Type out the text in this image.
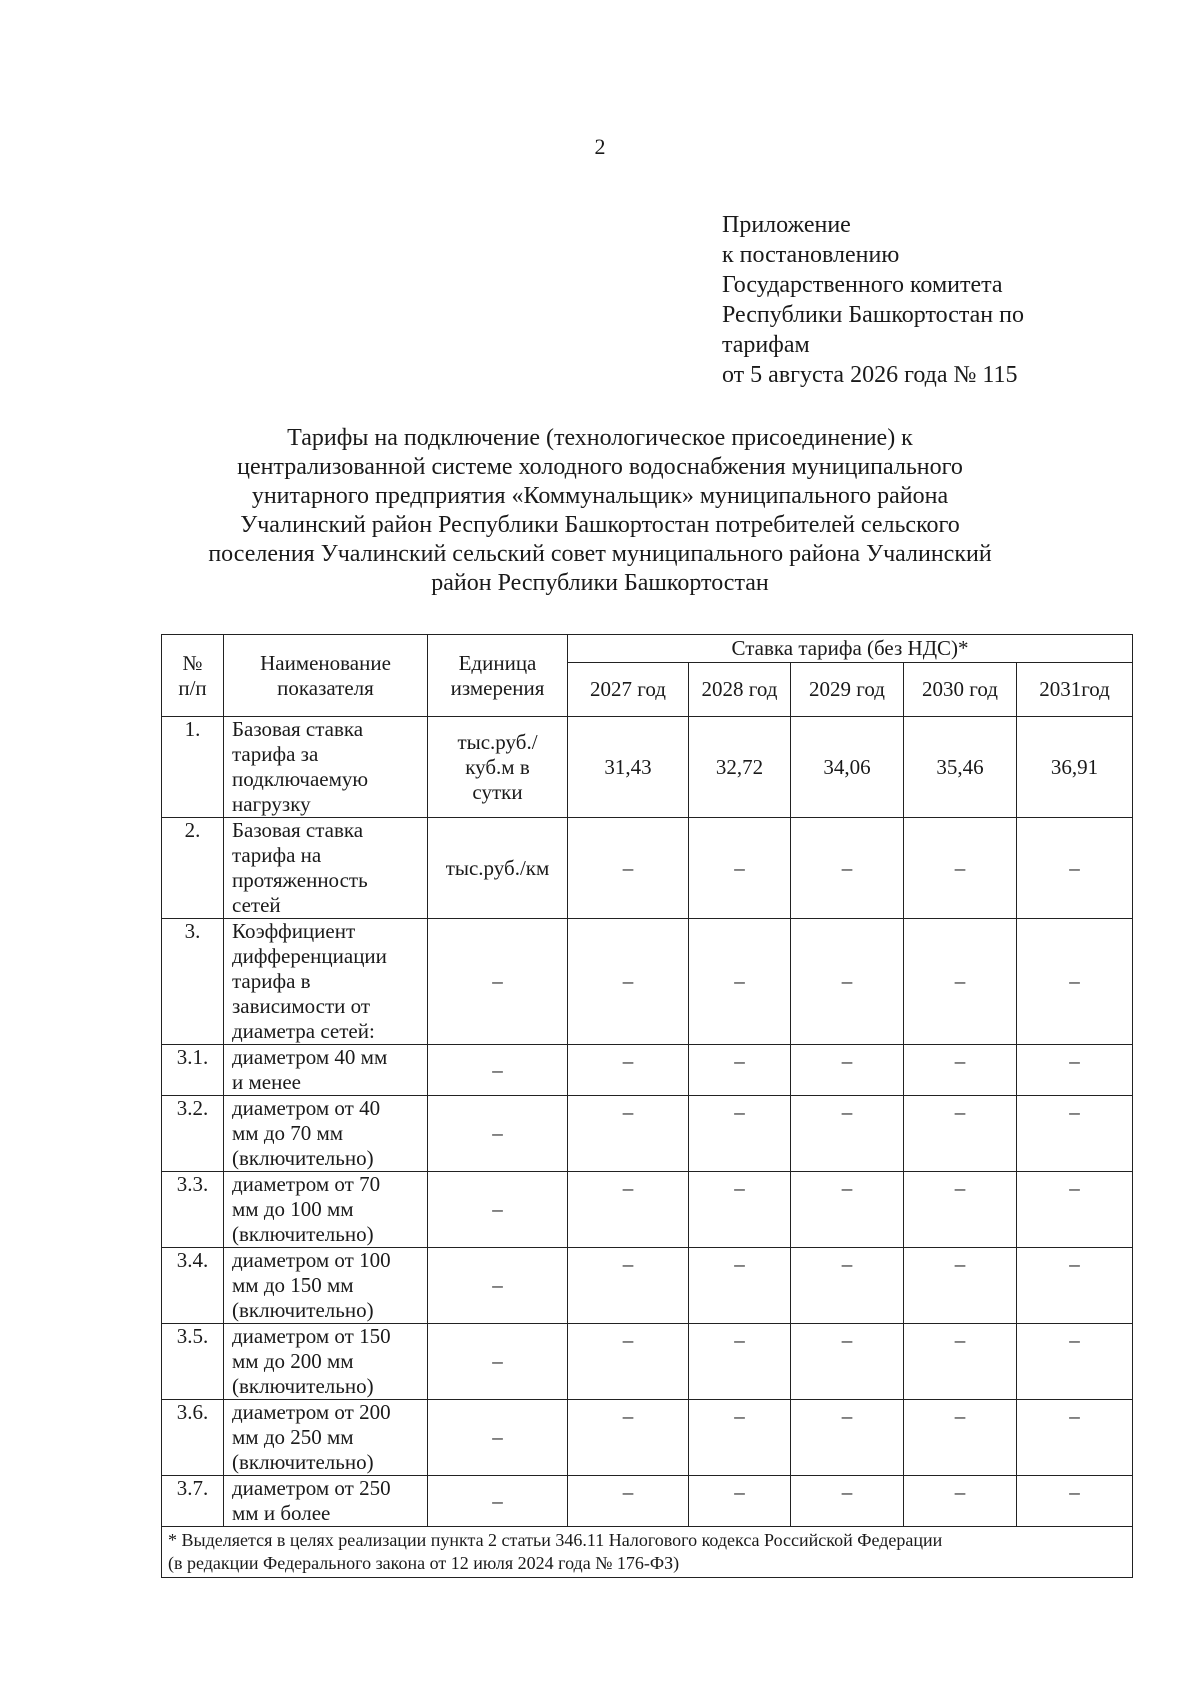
2
Приложение
к постановлению
Государственного комитета
Республики Башкортостан по
тарифам
от 5 августа 2026 года № 115
Тарифы на подключение (технологическое присоединение) к
централизованной системе холодного водоснабжения муниципального
унитарного предприятия «Коммунальщик» муниципального района
Учалинский район Республики Башкортостан потребителей сельского
поселения Учалинский сельский совет муниципального района Учалинский
район Республики Башкортостан
№
п/п	Наименование
показателя	Единица
измерения	Ставка тарифа (без НДС)*				
			2027 год	2028 год	2029 год	2030 год	2031год
1.	Базовая ставка
тарифа за
подключаемую
нагрузку	тыс.руб./
куб.м в
сутки	31,43	32,72	34,06	35,46	36,91
2.	Базовая ставка
тарифа на
протяженность
сетей	тыс.руб./км	–	–	–	–	–
3.	Коэффициент
дифференциации
тарифа в
зависимости от
диаметра сетей:	–	–	–	–	–	–
3.1.	диаметром 40 мм
и менее	–	–	–	–	–	–
3.2.	диаметром от 40
мм до 70 мм
(включительно)	–	–	–	–	–	–
3.3.	диаметром от 70
мм до 100 мм
(включительно)	–	–	–	–	–	–
3.4.	диаметром от 100
мм до 150 мм
(включительно)	–	–	–	–	–	–
3.5.	диаметром от 150
мм до 200 мм
(включительно)	–	–	–	–	–	–
3.6.	диаметром от 200
мм до 250 мм
(включительно)	–	–	–	–	–	–
3.7.	диаметром от 250
мм и более	–	–	–	–	–	–
* Выделяется в целях реализации пункта 2 статьи 346.11 Налогового кодекса Российской Федерации
(в редакции Федерального закона от 12 июля 2024 года № 176-ФЗ)							
